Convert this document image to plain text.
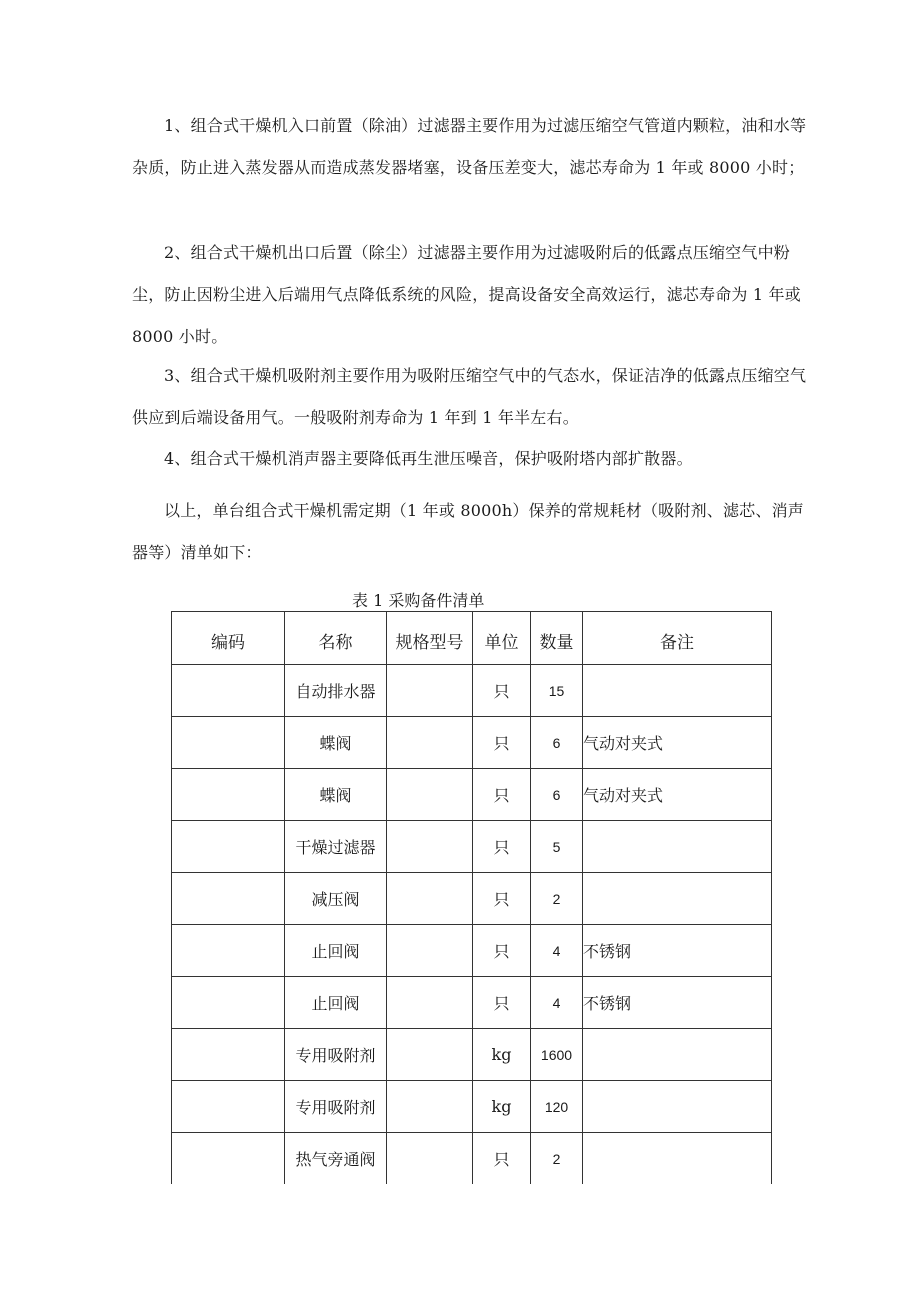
1、组合式干燥机入口前置（除油）过滤器主要作用为过滤压缩空气管道内颗粒，油和水等杂质，防止进入蒸发器从而造成蒸发器堵塞，设备压差变大，滤芯寿命为 1 年或 8000 小时；

2、组合式干燥机出口后置（除尘）过滤器主要作用为过滤吸附后的低露点压缩空气中粉尘，防止因粉尘进入后端用气点降低系统的风险，提高设备安全高效运行，滤芯寿命为 1 年或 8000 小时。

3、组合式干燥机吸附剂主要作用为吸附压缩空气中的气态水，保证洁净的低露点压缩空气供应到后端设备用气。一般吸附剂寿命为 1 年到 1 年半左右。

4、组合式干燥机消声器主要降低再生泄压噪音，保护吸附塔内部扩散器。

以上，单台组合式干燥机需定期（1 年或 8000h）保养的常规耗材（吸附剂、滤芯、消声器等）清单如下：

表 1 采购备件清单

编码	名称	规格型号	单位	数量	备注
	自动排水器		只	15	
	蝶阀		只	6	气动对夹式
	蝶阀		只	6	气动对夹式
	干燥过滤器		只	5	
	减压阀		只	2	
	止回阀		只	4	不锈钢
	止回阀		只	4	不锈钢
	专用吸附剂		kg	1600	
	专用吸附剂		kg	120	
	热气旁通阀		只	2	
